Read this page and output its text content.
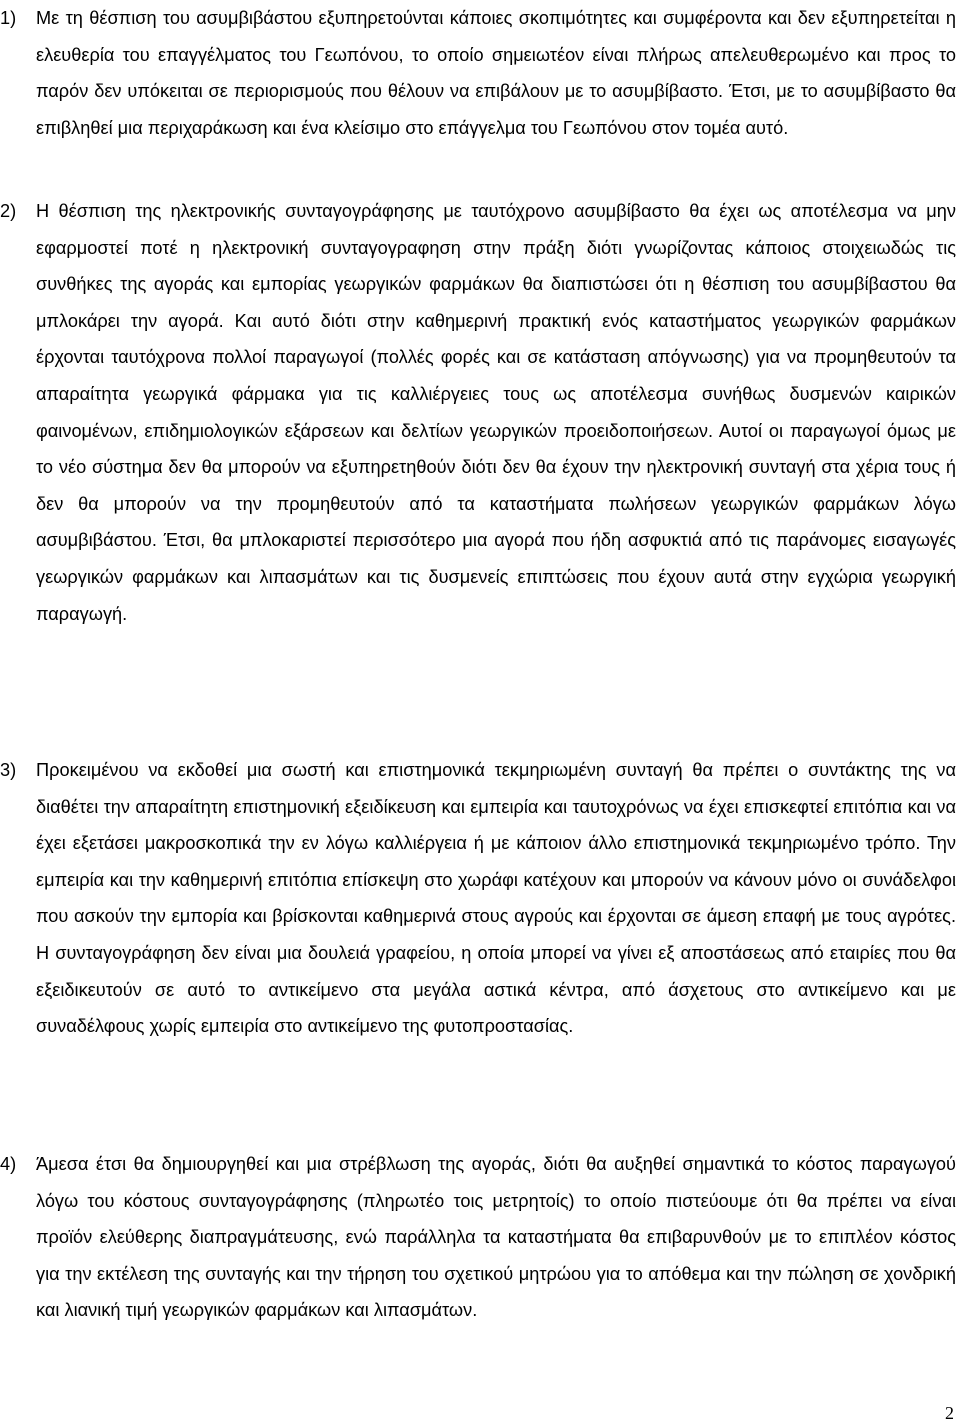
1) Με τη θέσπιση του ασυμβιβάστου εξυπηρετούνται κάποιες σκοπιμότητες και συμφέροντα και δεν εξυπηρετείται η ελευθερία του επαγγέλματος του Γεωπόνου, το οποίο σημειωτέον είναι πλήρως απελευθερωμένο και προς το παρόν δεν υπόκειται σε περιορισμούς που θέλουν να επιβάλουν με το ασυμβίβαστο. Έτσι, με το ασυμβίβαστο θα επιβληθεί μια περιχαράκωση και ένα κλείσιμο στο επάγγελμα του Γεωπόνου στον τομέα αυτό.
2) Η θέσπιση της ηλεκτρονικής συνταγογράφησης με ταυτόχρονο ασυμβίβαστο θα έχει ως αποτέλεσμα να μην εφαρμοστεί ποτέ η ηλεκτρονική συνταγογραφηση στην πράξη διότι γνωρίζοντας κάποιος στοιχειωδώς τις συνθήκες της αγοράς και εμπορίας γεωργικών φαρμάκων θα διαπιστώσει ότι η θέσπιση του ασυμβίβαστου θα μπλοκάρει την αγορά. Και αυτό διότι στην καθημερινή πρακτική ενός καταστήματος γεωργικών φαρμάκων έρχονται ταυτόχρονα πολλοί παραγωγοί (πολλές φορές και σε κατάσταση απόγνωσης) για να προμηθευτούν τα απαραίτητα γεωργικά φάρμακα για τις καλλιέργειες τους ως αποτέλεσμα συνήθως δυσμενών καιρικών φαινομένων, επιδημιολογικών εξάρσεων και δελτίων γεωργικών προειδοποιήσεων. Αυτοί οι παραγωγοί όμως με το νέο σύστημα δεν θα μπορούν να εξυπηρετηθούν διότι δεν θα έχουν την ηλεκτρονική συνταγή στα χέρια τους ή δεν θα μπορούν να την προμηθευτούν από τα καταστήματα πωλήσεων γεωργικών φαρμάκων λόγω ασυμβιβάστου. Έτσι, θα μπλοκαριστεί περισσότερο μια αγορά που ήδη ασφυκτιά από τις παράνομες εισαγωγές γεωργικών φαρμάκων και λιπασμάτων και τις δυσμενείς επιπτώσεις που έχουν αυτά στην εγχώρια γεωργική παραγωγή.
3) Προκειμένου να εκδοθεί μια σωστή και επιστημονικά τεκμηριωμένη συνταγή θα πρέπει ο συντάκτης της να διαθέτει την απαραίτητη επιστημονική εξειδίκευση και εμπειρία και ταυτοχρόνως να έχει επισκεφτεί επιτόπια και να έχει εξετάσει μακροσκοπικά την εν λόγω καλλιέργεια ή με κάποιον άλλο επιστημονικά τεκμηριωμένο τρόπο. Την εμπειρία και την καθημερινή επιτόπια επίσκεψη στο χωράφι κατέχουν και μπορούν να κάνουν μόνο οι συνάδελφοι που ασκούν την εμπορία και βρίσκονται καθημερινά στους αγρούς και έρχονται σε άμεση επαφή με τους αγρότες. Η συνταγογράφηση δεν είναι μια δουλειά γραφείου, η οποία μπορεί να γίνει εξ αποστάσεως από εταιρίες που θα εξειδικευτούν σε αυτό το αντικείμενο στα μεγάλα αστικά κέντρα, από άσχετους στο αντικείμενο και με συναδέλφους χωρίς εμπειρία στο αντικείμενο της φυτοπροστασίας.
4) Άμεσα έτσι θα δημιουργηθεί και μια στρέβλωση της αγοράς, διότι θα αυξηθεί σημαντικά το κόστος παραγωγού λόγω του κόστους συνταγογράφησης (πληρωτέο τοις μετρητοίς) το οποίο πιστεύουμε ότι θα πρέπει να είναι προϊόν ελεύθερης διαπραγμάτευσης, ενώ παράλληλα τα καταστήματα θα επιβαρυνθούν με το επιπλέον κόστος για την εκτέλεση της συνταγής και την τήρηση του σχετικού μητρώου για το απόθεμα και την πώληση σε χονδρική και λιανική τιμή γεωργικών φαρμάκων και λιπασμάτων.
2
